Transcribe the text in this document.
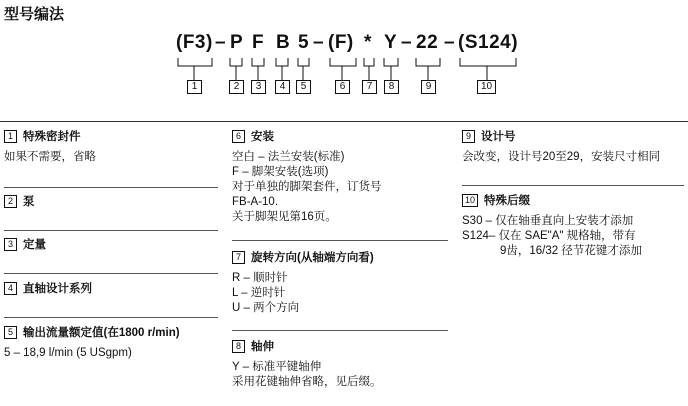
型号编法
(F3) – P F B 5 – (F) * Y – 22 – (S124)
1	2	3	4	5	6	7	8	9	10
1 特殊密封件
如果不需要，省略
2 泵
3 定量
4 直轴设计系列
5 输出流量额定值(在1800 r/min)
5 – 18,9 l/min (5 USgpm)
6 安装
空白 – 法兰安装(标准)
F – 脚架安装(选项)
对于单独的脚架套件，订货号
FB-A-10.
关于脚架见第16页。
7 旋转方向(从轴端方向看)
R – 顺时针
L – 逆时针
U – 两个方向
8 轴伸
Y – 标准平键轴伸
采用花键轴伸省略，见后缀。
9 设计号
会改变，设计号20至29，安装尺寸相同
10 特殊后缀
S30 – 仅在轴垂直向上安装才添加
S124– 仅在 SAE"A" 规格轴，带有
9齿，16/32 径节花键才添加
